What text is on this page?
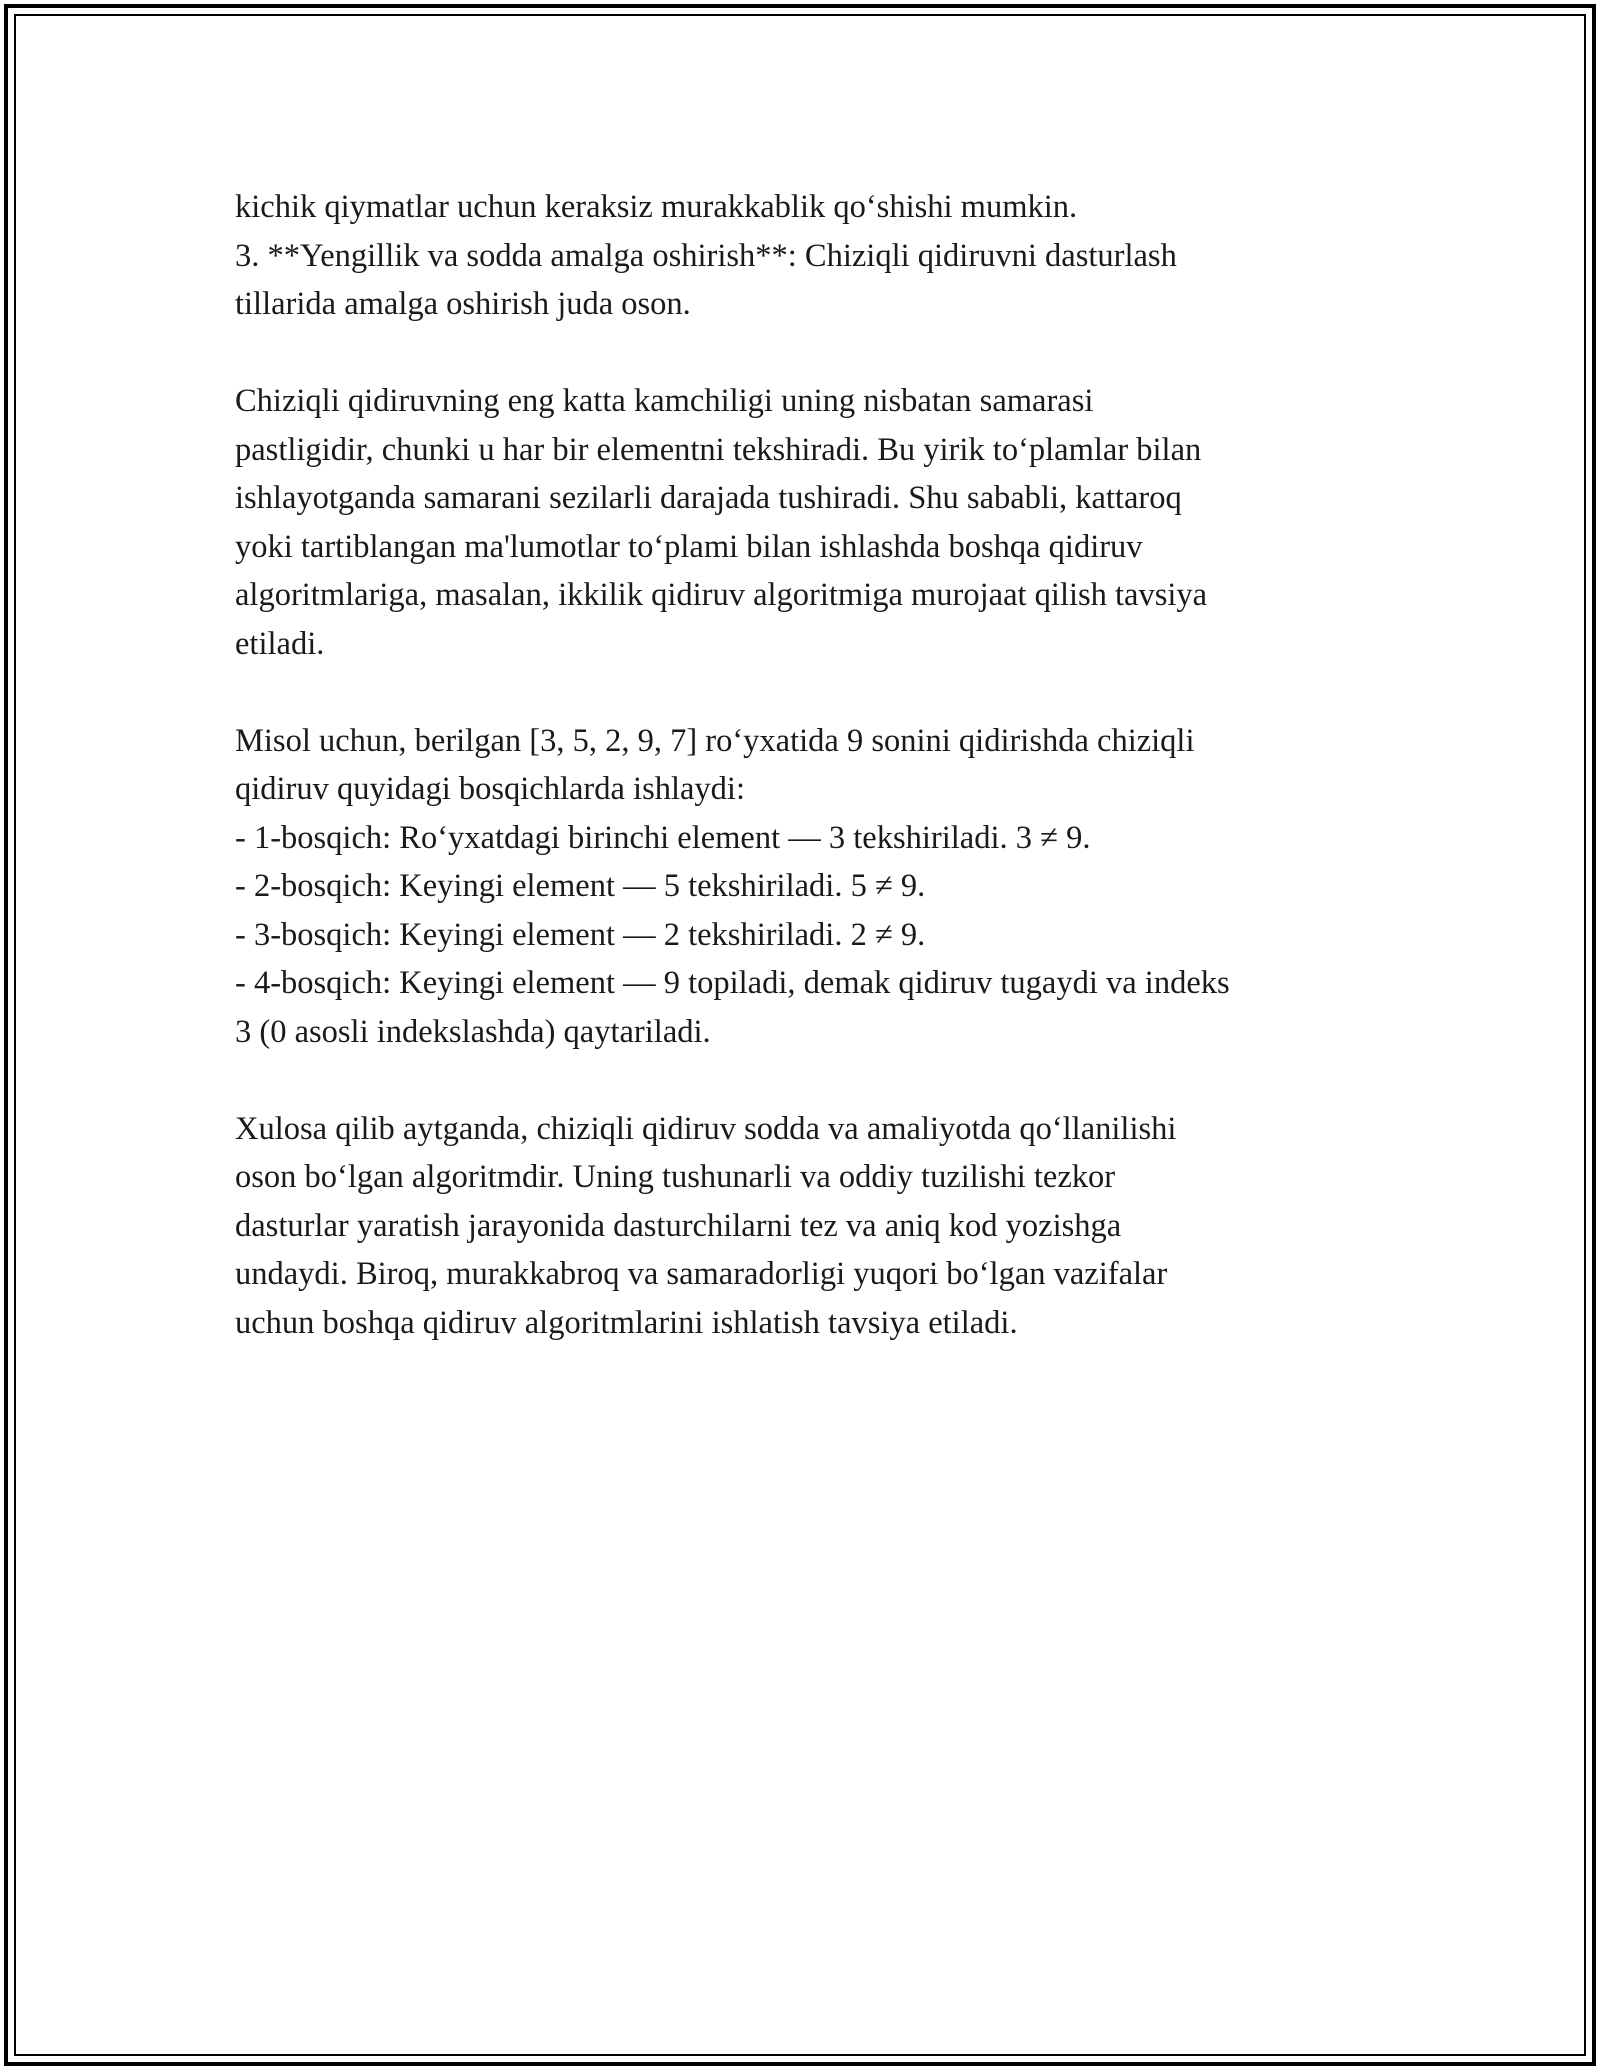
kichik qiymatlar uchun keraksiz murakkablik qo‘shishi mumkin.
3. **Yengillik va sodda amalga oshirish**: Chiziqli qidiruvni dasturlash
tillarida amalga oshirish juda oson.
Chiziqli qidiruvning eng katta kamchiligi uning nisbatan samarasi
pastligidir, chunki u har bir elementni tekshiradi. Bu yirik to‘plamlar bilan
ishlayotganda samarani sezilarli darajada tushiradi. Shu sababli, kattaroq
yoki tartiblangan ma'lumotlar to‘plami bilan ishlashda boshqa qidiruv
algoritmlariga, masalan, ikkilik qidiruv algoritmiga murojaat qilish tavsiya
etiladi.
Misol uchun, berilgan [3, 5, 2, 9, 7] ro‘yxatida 9 sonini qidirishda chiziqli
qidiruv quyidagi bosqichlarda ishlaydi:
- 1-bosqich: Ro‘yxatdagi birinchi element — 3 tekshiriladi. 3 ≠ 9.
- 2-bosqich: Keyingi element — 5 tekshiriladi. 5 ≠ 9.
- 3-bosqich: Keyingi element — 2 tekshiriladi. 2 ≠ 9.
- 4-bosqich: Keyingi element — 9 topiladi, demak qidiruv tugaydi va indeks
3 (0 asosli indekslashda) qaytariladi.
Xulosa qilib aytganda, chiziqli qidiruv sodda va amaliyotda qo‘llanilishi
oson bo‘lgan algoritmdir. Uning tushunarli va oddiy tuzilishi tezkor
dasturlar yaratish jarayonida dasturchilarni tez va aniq kod yozishga
undaydi. Biroq, murakkabroq va samaradorligi yuqori bo‘lgan vazifalar
uchun boshqa qidiruv algoritmlarini ishlatish tavsiya etiladi.
